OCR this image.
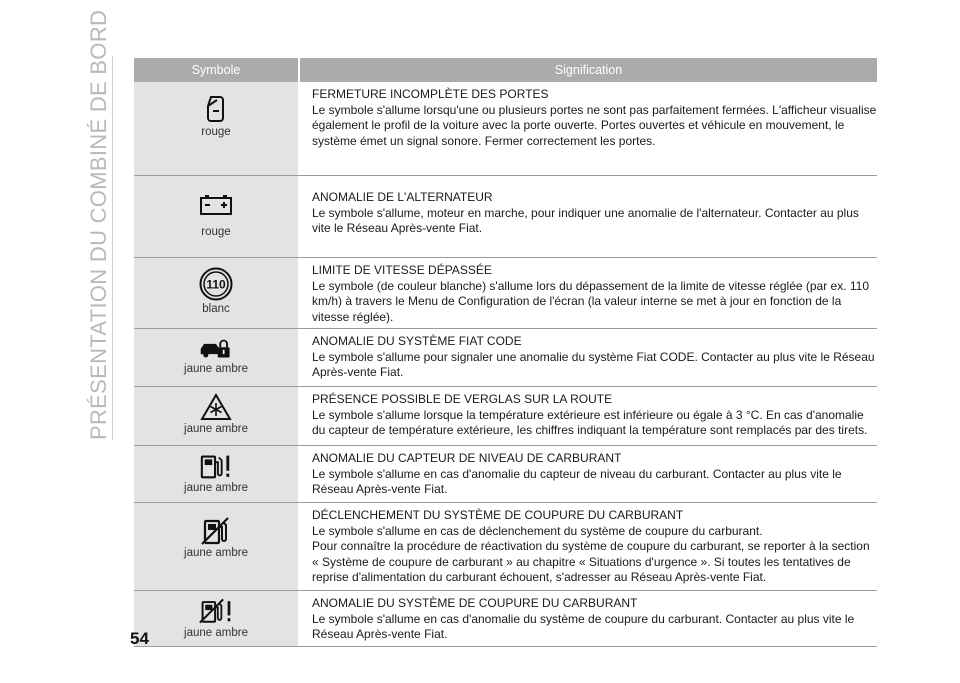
PRÉSENTATION DU COMBINÉ DE BORD	Symbole	Signification
rouge
FERMETURE INCOMPLÈTE DES PORTES
Le symbole s'allume lorsqu'une ou plusieurs portes ne sont pas parfaitement fermées. L'afficheur visualise également le profil de la voiture avec la porte ouverte. Portes ouvertes et véhicule en mouvement, le système émet un signal sonore. Fermer correctement les portes.
rouge
ANOMALIE DE L'ALTERNATEUR
Le symbole s'allume, moteur en marche, pour indiquer une anomalie de l'alternateur. Contacter au plus vite le Réseau Après-vente Fiat.
110
blanc
LIMITE DE VITESSE DÉPASSÉE
Le symbole (de couleur blanche) s'allume lors du dépassement de la limite de vitesse réglée (par ex. 110 km/h) à travers le Menu de Configuration de l'écran (la valeur interne se met à jour en fonction de la vitesse réglée).
jaune ambre
ANOMALIE DU SYSTÈME FIAT CODE
Le symbole s'allume pour signaler une anomalie du système Fiat CODE. Contacter au plus vite le Réseau Après-vente Fiat.
jaune ambre
PRÉSENCE POSSIBLE DE VERGLAS SUR LA ROUTE
Le symbole s'allume lorsque la température extérieure est inférieure ou égale à 3 °C. En cas d'anomalie du capteur de température extérieure, les chiffres indiquant la température sont remplacés par des tirets.
jaune ambre
ANOMALIE DU CAPTEUR DE NIVEAU DE CARBURANT
Le symbole s'allume en cas d'anomalie du capteur de niveau du carburant. Contacter au plus vite le Réseau Après-vente Fiat.
jaune ambre
DÉCLENCHEMENT DU SYSTÈME DE COUPURE DU CARBURANT
Le symbole s'allume en cas de déclenchement du système de coupure du carburant.
Pour connaître la procédure de réactivation du système de coupure du carburant, se reporter à la section « Système de coupure de carburant » au chapitre « Situations d'urgence ». Si toutes les tentatives de reprise d'alimentation du carburant échouent, s'adresser au Réseau Après-vente Fiat.
jaune ambre
ANOMALIE DU SYSTÈME DE COUPURE DU CARBURANT
Le symbole s'allume en cas d'anomalie du système de coupure du carburant. Contacter au plus vite le Réseau Après-vente Fiat.
54
